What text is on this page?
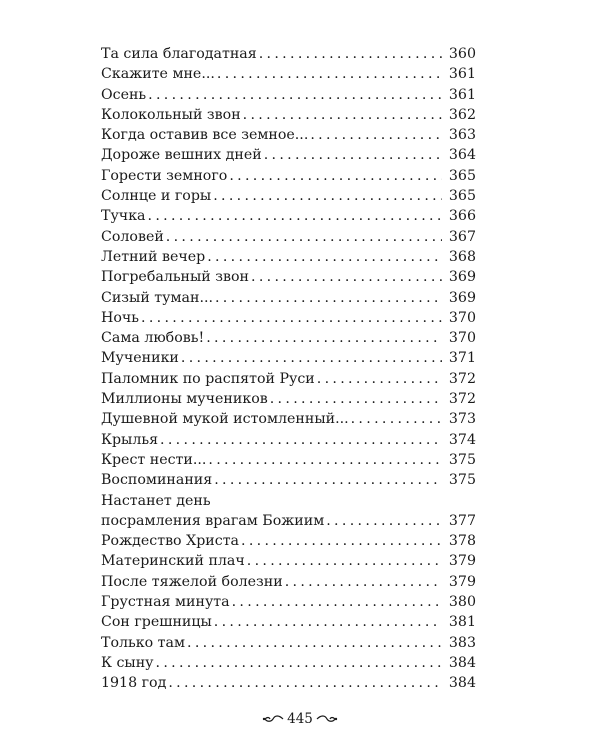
Та сила благодатная . . .	360
Скажите мне... . . .	361
Осень . . .	361
Колокольный звон . . .	362
Когда оставив все земное... . . .	363
Дороже вешних дней . . .	364
Горести земного . . .	365
Солнце и горы . . .	365
Тучка . . .	366
Соловей . . .	367
Летний вечер . . .	368
Погребальный звон . . .	369
Сизый туман... . . .	369
Ночь . . .	370
Сама любовь! . . .	370
Мученики . . .	371
Паломник по распятой Руси . . .	372
Миллионы мучеников . . .	372
Душевной мукой истомленный... . . .	373
Крылья . . .	374
Крест нести... . . .	375
Воспоминания . . .	375
Настанет день
посрамления врагам Божиим . . .	377
Рождество Христа . . .	378
Материнский плач . . .	379
После тяжелой болезни . . .	379
Грустная минута . . .	380
Сон грешницы . . .	381
Только там . . .	383
К сыну . . .	384
1918 год . . .	384
445
